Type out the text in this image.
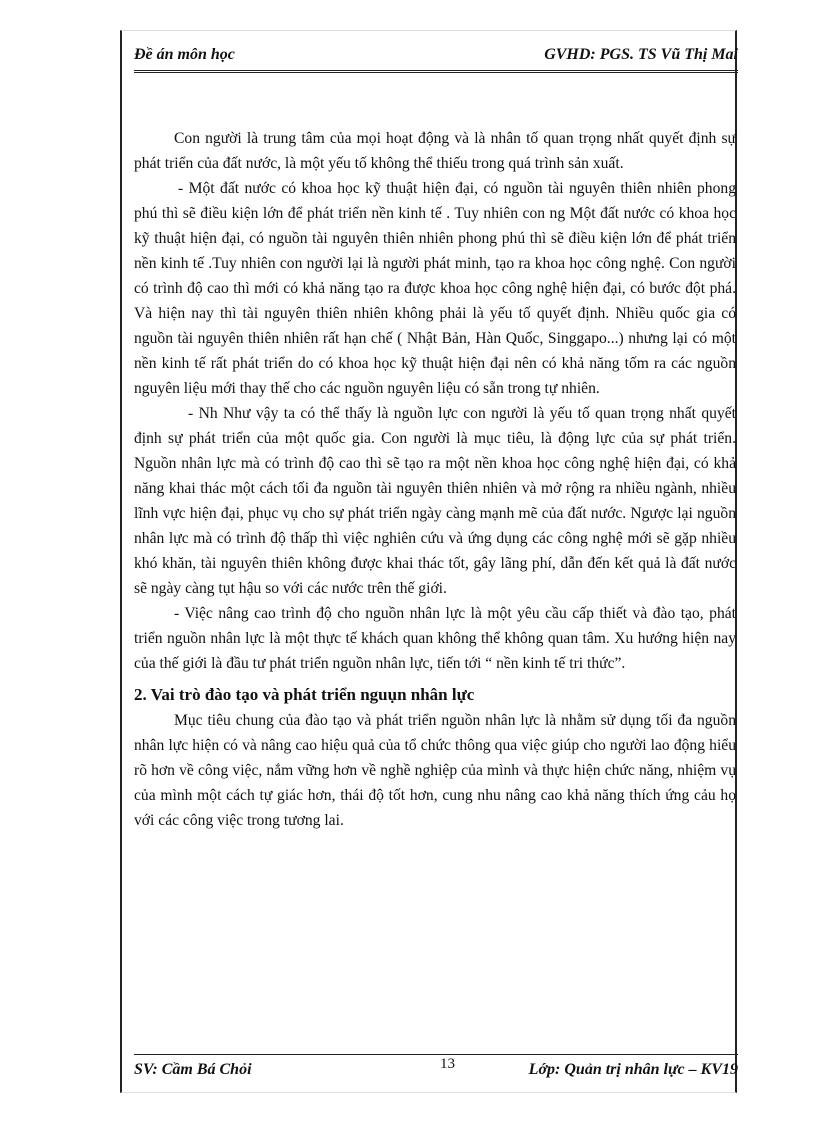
Đề án môn học	GVHD: PGS. TS Vũ Thị Mai

Con người là trung tâm của mọi hoạt động và là nhân tố quan trọng nhất quyết định sự phát triển của đất nước, là một yếu tố không thể thiếu trong quá trình sản xuất.

- Một đất nước có khoa học kỹ thuật hiện đại, có nguồn tài nguyên thiên nhiên phong phú thì sẽ điều kiện lớn để phát triển nền kinh tế . Tuy nhiên con ng Một đất nước có khoa học kỹ thuật hiện đại, có nguồn tài nguyên thiên nhiên phong phú thì sẽ điều kiện lớn để phát triển nền kinh tế .Tuy nhiên con người lại là người phát minh, tạo ra khoa học công nghệ. Con người có trình độ cao thì mới có khả năng tạo ra được khoa học công nghệ hiện đại, có bước đột phá. Và hiện nay thì tài nguyên thiên nhiên không phải là yếu tố quyết định. Nhiều quốc gia có nguồn tài nguyên thiên nhiên rất hạn chế ( Nhật Bản, Hàn Quốc, Singgapo...) nhưng lại có một nền kinh tế rất phát triển do có khoa học kỹ thuật hiện đại nên có khả năng tốm ra các nguồn nguyên liệu mới thay thế cho các nguồn nguyên liệu có sẵn trong tự nhiên.

- Nh Như vậy ta có thể thấy là nguồn lực con người là yếu tố quan trọng nhất quyết định sự phát triển của một quốc gia. Con người là mục tiêu, là động lực của sự phát triển. Nguồn nhân lực mà có trình độ cao thì sẽ tạo ra một nền khoa học công nghệ hiện đại, có khả năng khai thác một cách tối đa nguồn tài nguyên thiên nhiên và mở rộng ra nhiều ngành, nhiều lĩnh vực hiện đại, phục vụ cho sự phát triển ngày càng mạnh mẽ của đất nước. Ngược lại nguồn nhân lực mà có trình độ thấp thì việc nghiên cứu và ứng dụng các công nghệ mới sẽ gặp nhiều khó khăn, tài nguyên thiên không được khai thác tốt, gây lãng phí, dẫn đến kết quả là đất nước sẽ ngày càng tụt hậu so với các nước trên thế giới.

- Việc nâng cao trình độ cho nguồn nhân lực là một yêu cầu cấp thiết và đào tạo, phát triển nguồn nhân lực là một thực tế khách quan không thể không quan tâm. Xu hướng hiện nay của thế giới là đầu tư phát triển nguồn nhân lực, tiến tới “ nền kinh tế tri thức”.

2. Vai trò đào tạo và phát triển nguụn nhân lực

Mục tiêu chung của đào tạo và phát triển nguồn nhân lực là nhằm sử dụng tối đa nguồn nhân lực hiện có và nâng cao hiệu quả của tổ chức thông qua việc giúp cho người lao động hiểu rõ hơn về công việc, nắm vững hơn về nghề nghiệp của mình và thực hiện chức năng, nhiệm vụ của mình một cách tự giác hơn, thái độ tốt hơn, cung nhu nâng cao khả năng thích ứng cảu họ với các công việc trong tương lai.

SV: Cầm Bá Chỏi	13	Lớp: Quản trị nhân lực – KV19
